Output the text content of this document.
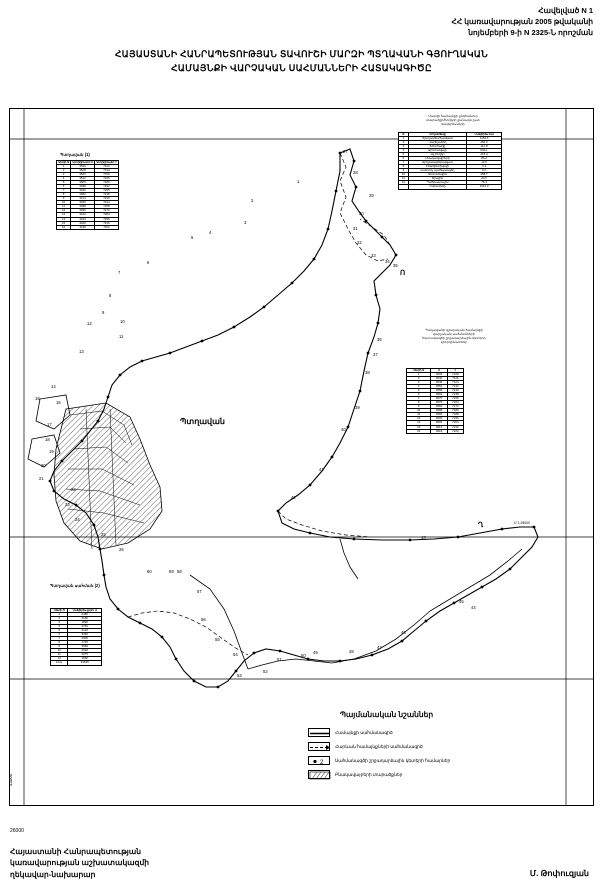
Հավելված N 1
ՀՀ կառավարության 2005 թվականի
նոյեմբերի 9-ի N 2325-Ն որոշման
ՀԱՅԱՍՏԱՆԻ ՀԱՆՐԱՊԵՏՈՒԹՅԱՆ ՏԱՎՈՒՇԻ ՄԱՐԶԻ ՊՏՂԱՎԱՆԻ ԳՅՈՒՂԱԿԱՆ
ՀԱՄԱՅՆՔԻ ՎԱՐՉԱԿԱՆ ՍԱՀՄԱՆՆԵՐԻ ՀԱՏԱԿԱԳԻԾԸ
Պտղավան
Ո
Ղ	Մ 1:25000
1
2
3
4
5
6
7
8
9
10
11
12
13
14
15
16
17
18
19
20
21
22
23
24
25
26
27
28
29
30
31
32
33
34
35
36
37
38
39
40
41
42
43
44
45
46
47
48
49
50
51
52
53
54
55
56
57
58
59
60
43000
26000
Պտղավան (1)
Կետի N	Կոորդինատ X	Կոորդինատ Y
1	4530	7120
2	4528	7134
3	4520	7150
4	4512	7166
5	4506	7180
6	4498	7192
7	4490	7205
8	4482	7218
9	4474	7230
10	4466	7244
11	4458	7258
12	4450	7270
13	4442	7284
14	4434	7296
15	4426	7310
16	4418	7322
Մարզի համայնքի ընդհանուր
տարածքի/հողերի քանակն ըստ
մակերեսների
N	Հողատեսք	Մակերես հա
1	Գյուղատնտեսական	1254.6
2	Վարելահող	284.3
3	Խոտհարք	112.8
4	Արոտավայր	642.1
5	Այլ հողեր	215.4
6	Բնակավայրերի	86.2
7	Արդյունաբերության	12.5
8	Էներգետիկայի	3.4
9	Հատուկ պահպանվող	0.0
10	Անտառային	458.7
11	Ջրային	24.6
12	Պահուստային	76.3
	Ընդամենը	1912.9
Պտղավանի գյուղական համայնքի
վարչական սահմանների
հատակագծի շրջադարձային կետերի
կոորդինատներ
Կետի N	X	Y
1	4534	7108
2	4540	7116
3	4546	7124
4	4552	7132
5	4558	7140
6	4564	7148
7	4570	7156
8	4576	7164
9	4582	7172
10	4588	7180
11	4594	7188
12	4600	7196
13	4606	7204
14	4612	7212
15	4618	7220
Պտղավան սահման (2)
Կետի N	Մակերես քառ. մ
1	2480
2	3150
3	1890
4	2740
5	4120
6	3360
7	2905
8	1745
9	3580
10	2630
11	4075
12	1960
Ընդ.	34635
Պայմանական նշաններ
Համայնքի սահմանագիծ
Հարևան համայնքների սահմանագիծ
2	Սահմանագծի շրջադարձային կետերի համարներ
Բնակավայրերի տարածքներ
Հայաստանի Հանրապետության
կառավարության աշխատակազմի
ղեկավար-նախարար	Մ. Թոփուզյան
